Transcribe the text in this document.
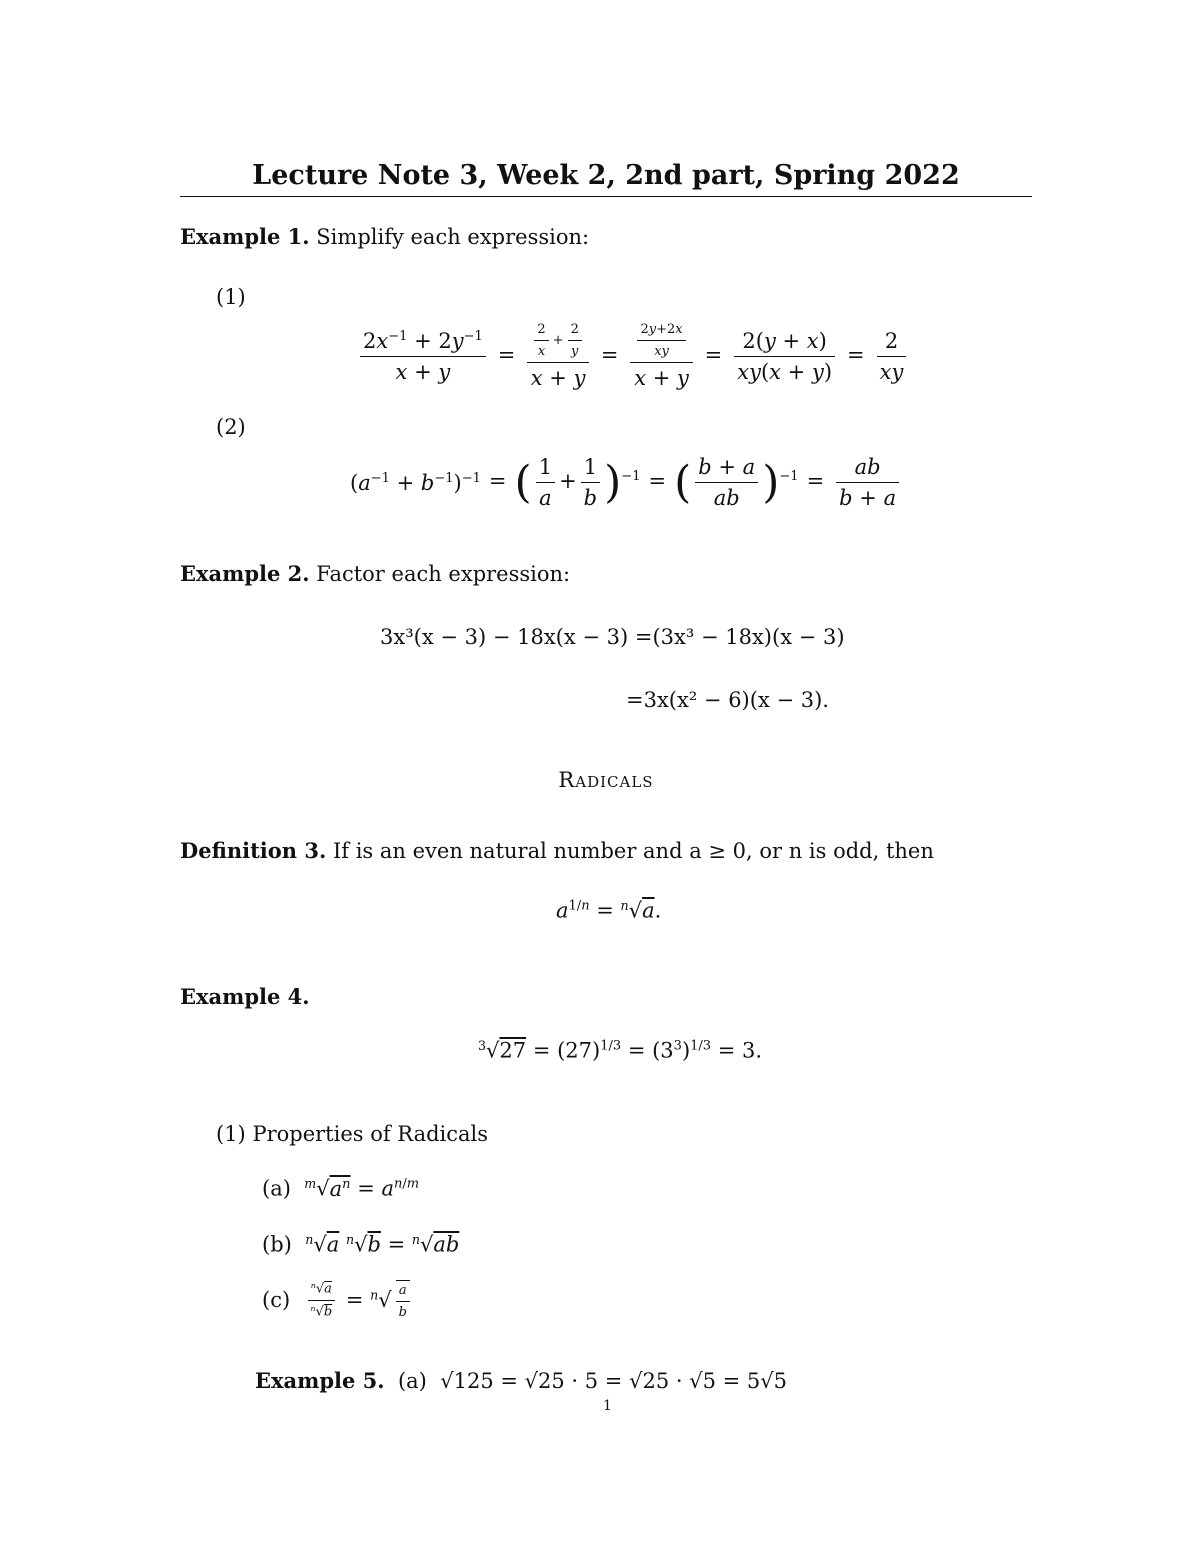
Lecture Note 3, Week 2, 2nd part, Spring 2022
Example 1. Simplify each expression:
(1)
$\frac{2x^{-1} + 2y^{-1}}{x + y} = \frac{2}{x} + \frac{2}{y}$
x + y
= $\frac{2y+2x}{xy}$
x + y
= $\frac{2(y + x)}{xy(x + y)} = \frac{2}{xy}$
(2)
$(a^{-1} + b^{-1})^{-1}$ = ( $\frac{1}{a} + \frac{1}{b} )^{-1}$ = ( $\frac{b + a}{ab} )^{-1} = \frac{ab}{b + a}$
Example 2. Factor each expression:
3x³(x − 3) − 18x(x − 3) =(3x³ − 18x)(x − 3)
=3x(x² − 6)(x − 3).
Radicals
Definition 3. If is an even natural number and a ≥ 0, or n is odd, then
$a^{1/n} = ^n√a$.
Example 4.
$^3√27 = (27)^{1/3} = (3^3)^{1/3} = 3$.
(1) Properties of Radicals
(a) $^m√a^n = a^{n/m}$
(b) $^n$√a $^n$√b = $^n$√ab
$(c) \frac{^n√a}{^n√b} = ^n√ \frac{a}{b}$
Example 5. (a) √125 = √25 · 5 = √25 · √5 = 5√5
1
